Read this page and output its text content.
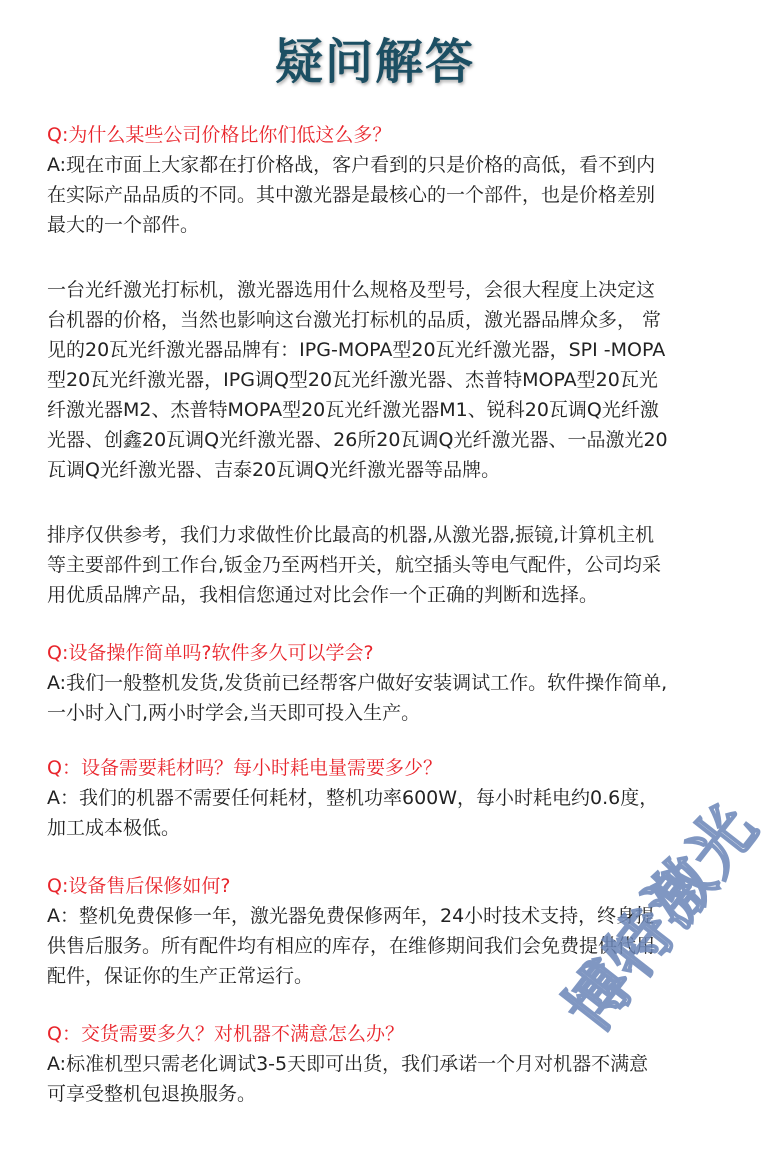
疑问解答
Q:为什么某些公司价格比你们低这么多？
A:现在市面上大家都在打价格战，客户看到的只是价格的高低，看不到内
在实际产品品质的不同。其中激光器是最核心的一个部件，也是价格差别
最大的一个部件。
一台光纤激光打标机，激光器选用什么规格及型号，会很大程度上决定这
台机器的价格，当然也影响这台激光打标机的品质，激光器品牌众多， 常
见的20瓦光纤激光器品牌有：IPG-MOPA型20瓦光纤激光器，SPI -MOPA
型20瓦光纤激光器，IPG调Q型20瓦光纤激光器、杰普特MOPA型20瓦光
纤激光器M2、杰普特MOPA型20瓦光纤激光器M1、锐科20瓦调Q光纤激
光器、创鑫20瓦调Q光纤激光器、26所20瓦调Q光纤激光器、一品激光20
瓦调Q光纤激光器、吉泰20瓦调Q光纤激光器等品牌。
排序仅供参考，我们力求做性价比最高的机器,从激光器,振镜,计算机主机
等主要部件到工作台,钣金乃至两档开关，航空插头等电气配件，公司均采
用优质品牌产品，我相信您通过对比会作一个正确的判断和选择。
Q:设备操作简单吗?软件多久可以学会?
A:我们一般整机发货,发货前已经帮客户做好安装调试工作。软件操作简单,
一小时入门,两小时学会,当天即可投入生产。
Q：设备需要耗材吗？每小时耗电量需要多少？
A：我们的机器不需要任何耗材，整机功率600W，每小时耗电约0.6度，
加工成本极低。
Q:设备售后保修如何?
A：整机免费保修一年，激光器免费保修两年，24小时技术支持，终身提
供售后服务。所有配件均有相应的库存，在维修期间我们会免费提供代用
配件，保证你的生产正常运行。
Q：交货需要多久？对机器不满意怎么办？
A:标准机型只需老化调试3-5天即可出货，我们承诺一个月对机器不满意
可享受整机包退换服务。
博特激光
